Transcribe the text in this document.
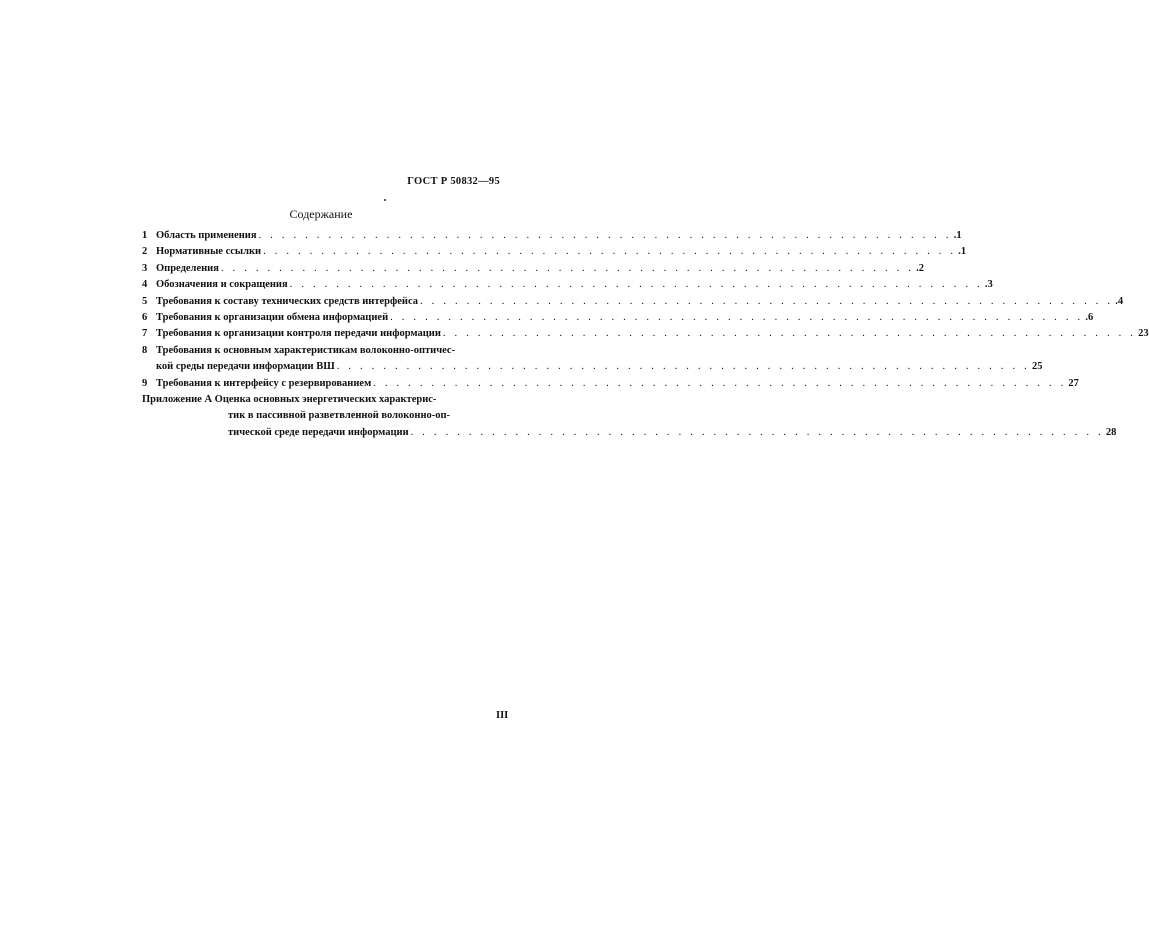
ГОСТ Р 50832—95
Содержание
1 Область применения . . .	.1
2 Нормативные ссылки . . .	.1
3 Определения . . .	.2
4 Обозначения и сокращения . . .	.3
5 Требования к составу технических средств интерфейса . . .	.4
6 Требования к организации обмена информацией . . .	.6
7 Требования к организации контроля передачи информации . . .	23
8 Требования к основным характеристикам волоконно-оптичес-
кой среды передачи информации ВШ . . .	25
9 Требования к интерфейсу с резервированием . . .	27
Приложение А Оценка основных энергетических характерис-
тик в пассивной разветвленной волоконно-оп-
тической среде передачи информации . . .	28
III
